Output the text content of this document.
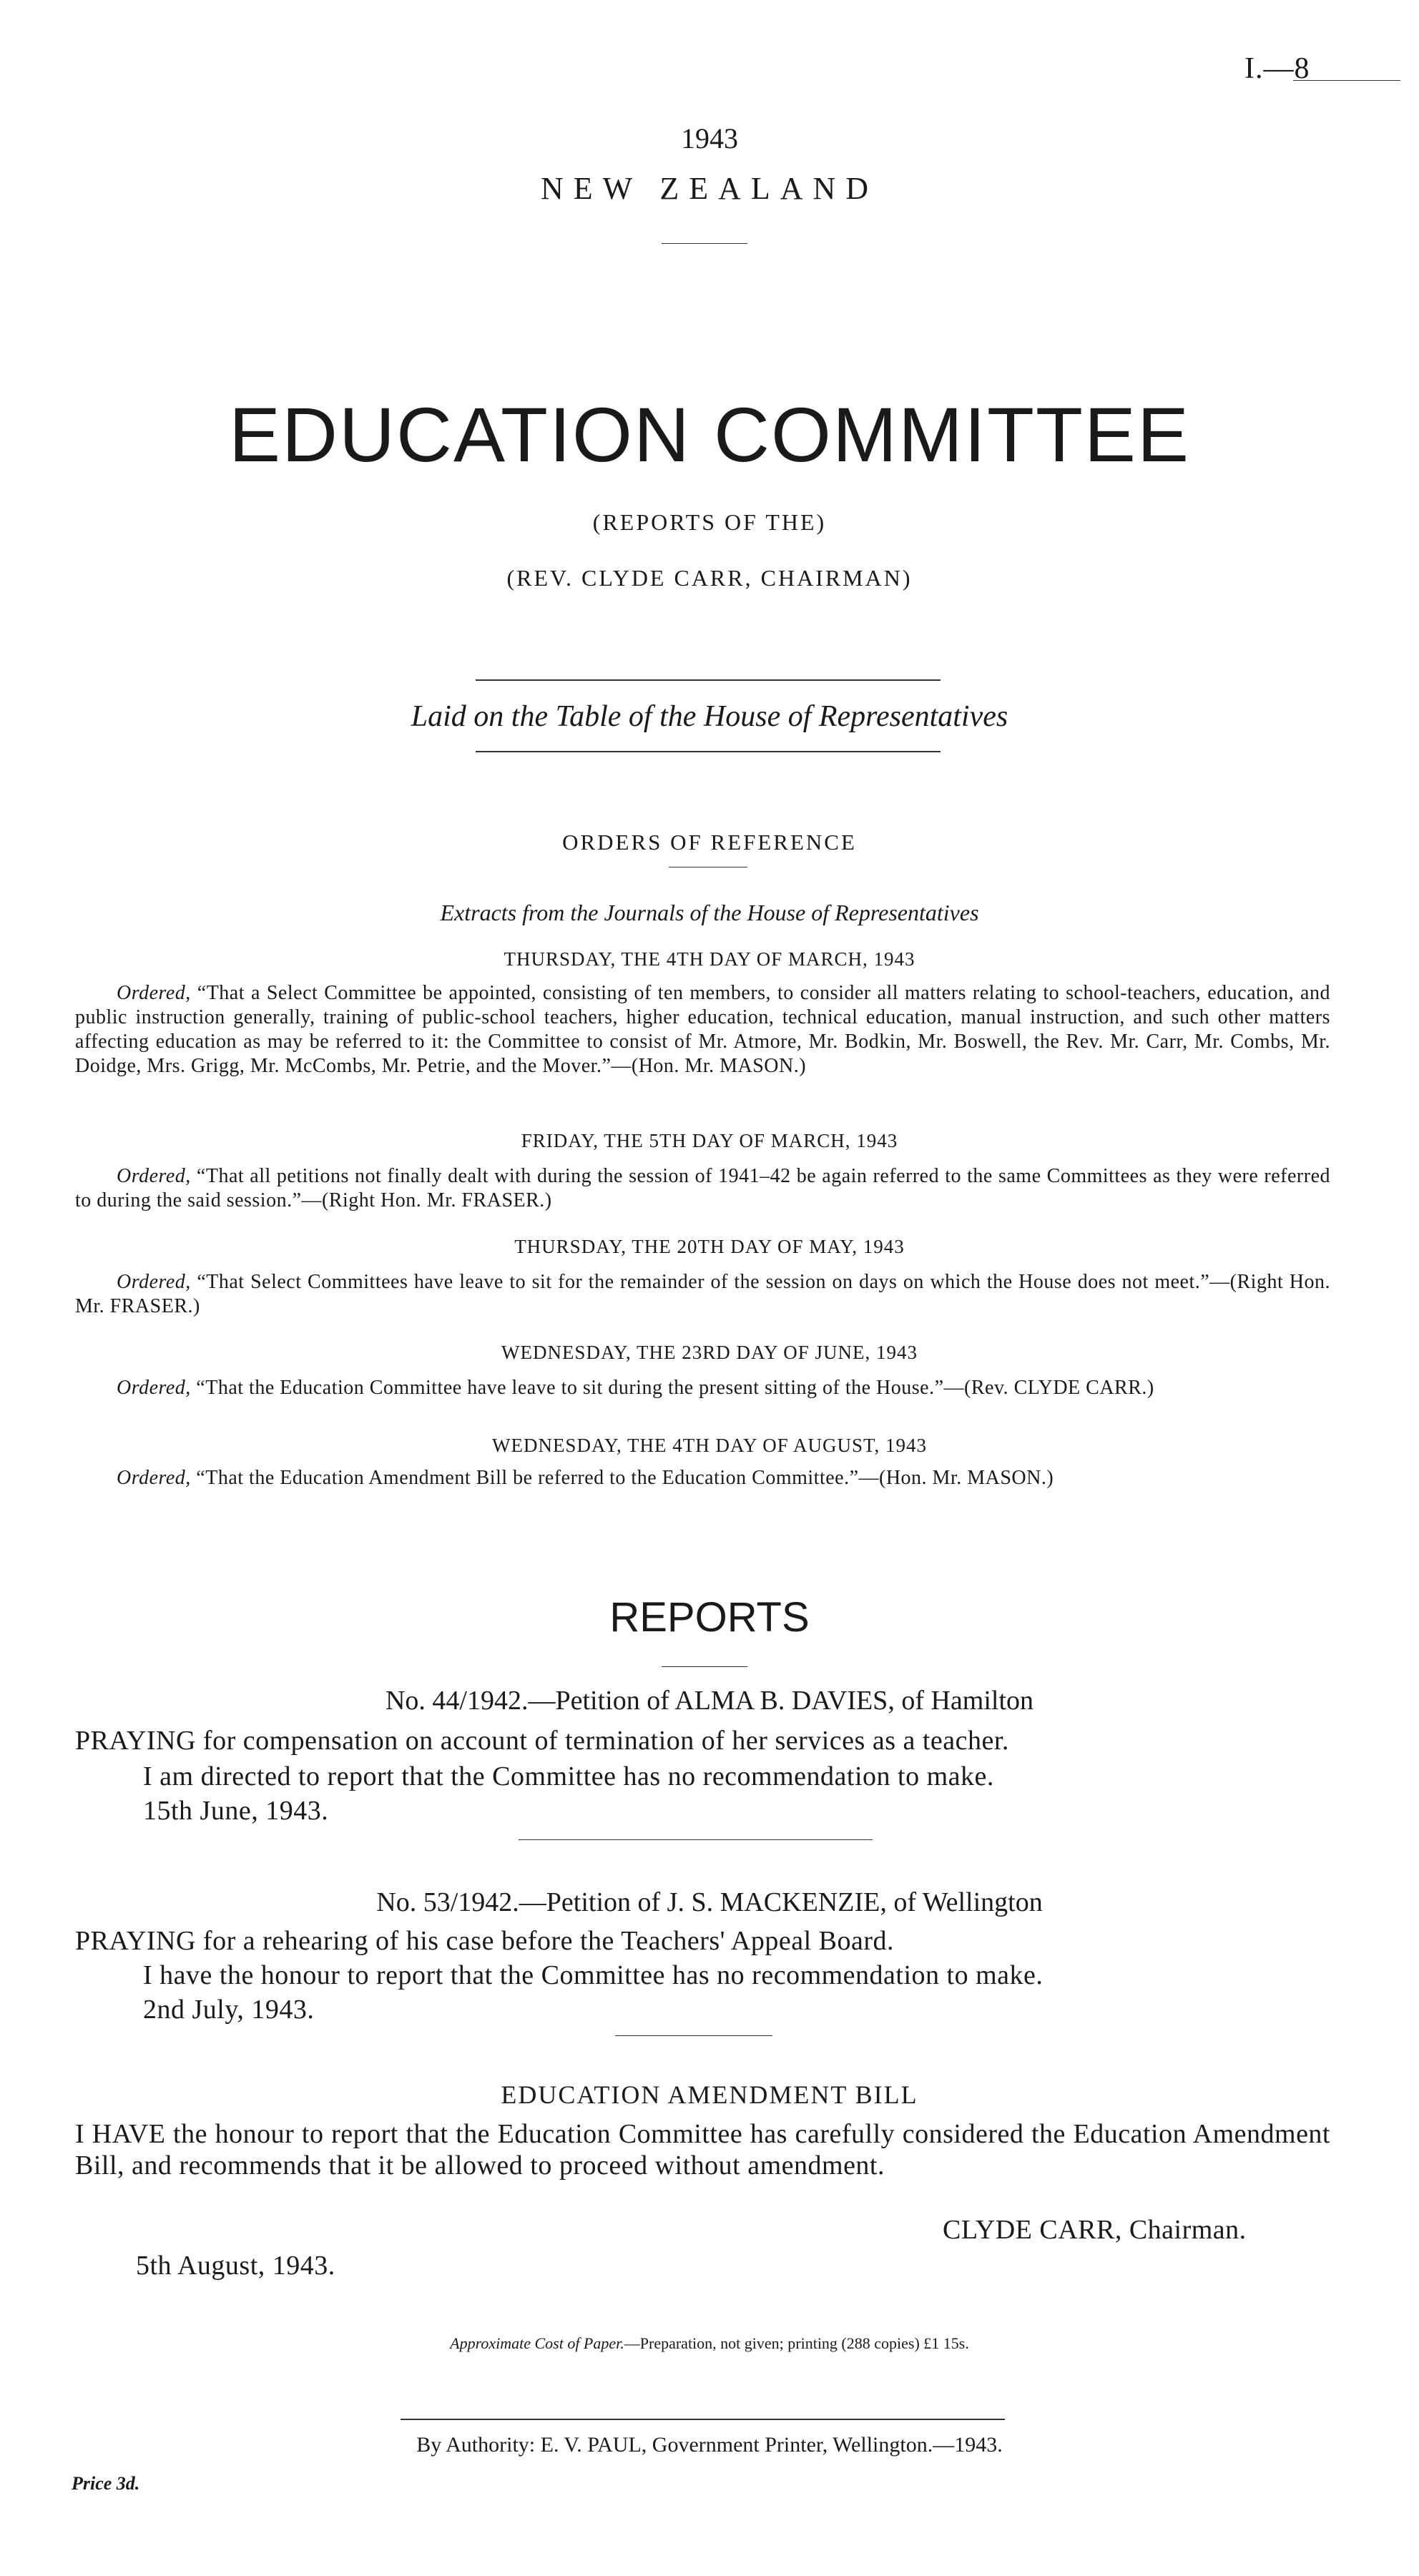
I.—8
1943
NEW ZEALAND
EDUCATION COMMITTEE
(REPORTS OF THE)
(REV. CLYDE CARR, CHAIRMAN)
Laid on the Table of the House of Representatives
ORDERS OF REFERENCE
Extracts from the Journals of the House of Representatives
THURSDAY, THE 4TH DAY OF MARCH, 1943
Ordered, “That a Select Committee be appointed, consisting of ten members, to consider all matters relating to school-teachers, education, and public instruction generally, training of public-school teachers, higher education, technical education, manual instruction, and such other matters affecting education as may be referred to it: the Committee to consist of Mr. Atmore, Mr. Bodkin, Mr. Boswell, the Rev. Mr. Carr, Mr. Combs, Mr. Doidge, Mrs. Grigg, Mr. McCombs, Mr. Petrie, and the Mover.”—(Hon. Mr. MASON.)
FRIDAY, THE 5TH DAY OF MARCH, 1943
Ordered, “That all petitions not finally dealt with during the session of 1941–42 be again referred to the same Committees as they were referred to during the said session.”—(Right Hon. Mr. FRASER.)
THURSDAY, THE 20TH DAY OF MAY, 1943
Ordered, “That Select Committees have leave to sit for the remainder of the session on days on which the House does not meet.”—(Right Hon. Mr. FRASER.)
WEDNESDAY, THE 23RD DAY OF JUNE, 1943
Ordered, “That the Education Committee have leave to sit during the present sitting of the House.”—(Rev. CLYDE CARR.)
WEDNESDAY, THE 4TH DAY OF AUGUST, 1943
Ordered, “That the Education Amendment Bill be referred to the Education Committee.”—(Hon. Mr. MASON.)
REPORTS
No. 44/1942.—Petition of ALMA B. DAVIES, of Hamilton
PRAYING for compensation on account of termination of her services as a teacher.
I am directed to report that the Committee has no recommendation to make.
15th June, 1943.
No. 53/1942.—Petition of J. S. MACKENZIE, of Wellington
PRAYING for a rehearing of his case before the Teachers' Appeal Board.
I have the honour to report that the Committee has no recommendation to make.
2nd July, 1943.
EDUCATION AMENDMENT BILL
I HAVE the honour to report that the Education Committee has carefully considered the Education Amendment Bill, and recommends that it be allowed to proceed without amendment.
CLYDE CARR, Chairman.
5th August, 1943.
Approximate Cost of Paper.—Preparation, not given; printing (288 copies) £1 15s.
By Authority: E. V. PAUL, Government Printer, Wellington.—1943.
Price 3d.
